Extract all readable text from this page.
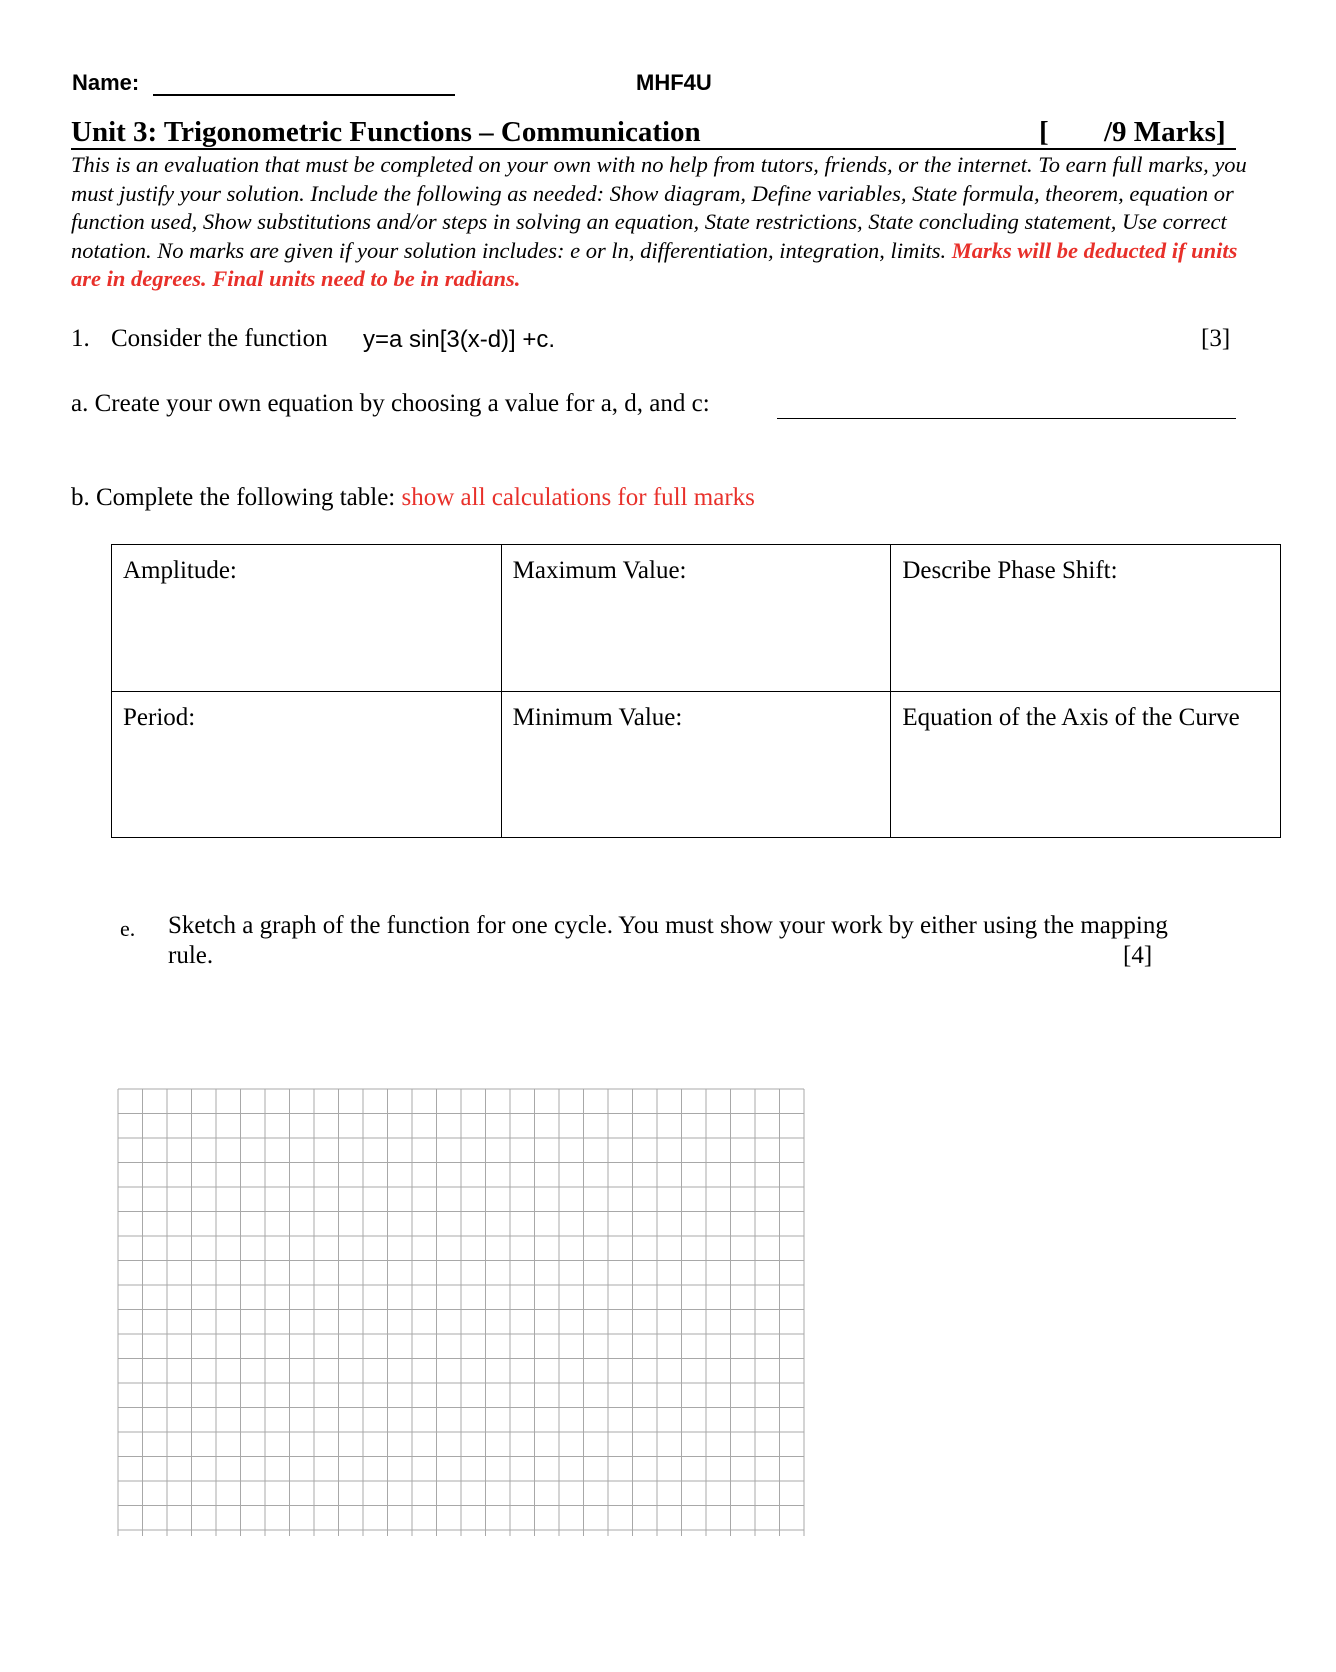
Name:	MHF4U
Unit 3: Trigonometric Functions – Communication	[ /9 Marks]
This is an evaluation that must be completed on your own with no help from tutors, friends, or the internet. To earn full marks, you must justify your solution. Include the following as needed: Show diagram, Define variables, State formula, theorem, equation or function used, Show substitutions and/or steps in solving an equation, State restrictions, State concluding statement, Use correct notation. No marks are given if your solution includes: e or ln, differentiation, integration, limits. Marks will be deducted if units are in degrees. Final units need to be in radians.
1. Consider the function y=a sin[3(x-d)] +c.	[3]
a. Create your own equation by choosing a value for a, d, and c:
b. Complete the following table: show all calculations for full marks
Amplitude:	Maximum Value:	Describe Phase Shift:
Period:	Minimum Value:	Equation of the Axis of the Curve
e. Sketch a graph of the function for one cycle. You must show your work by either using the mapping
rule.	[4]
